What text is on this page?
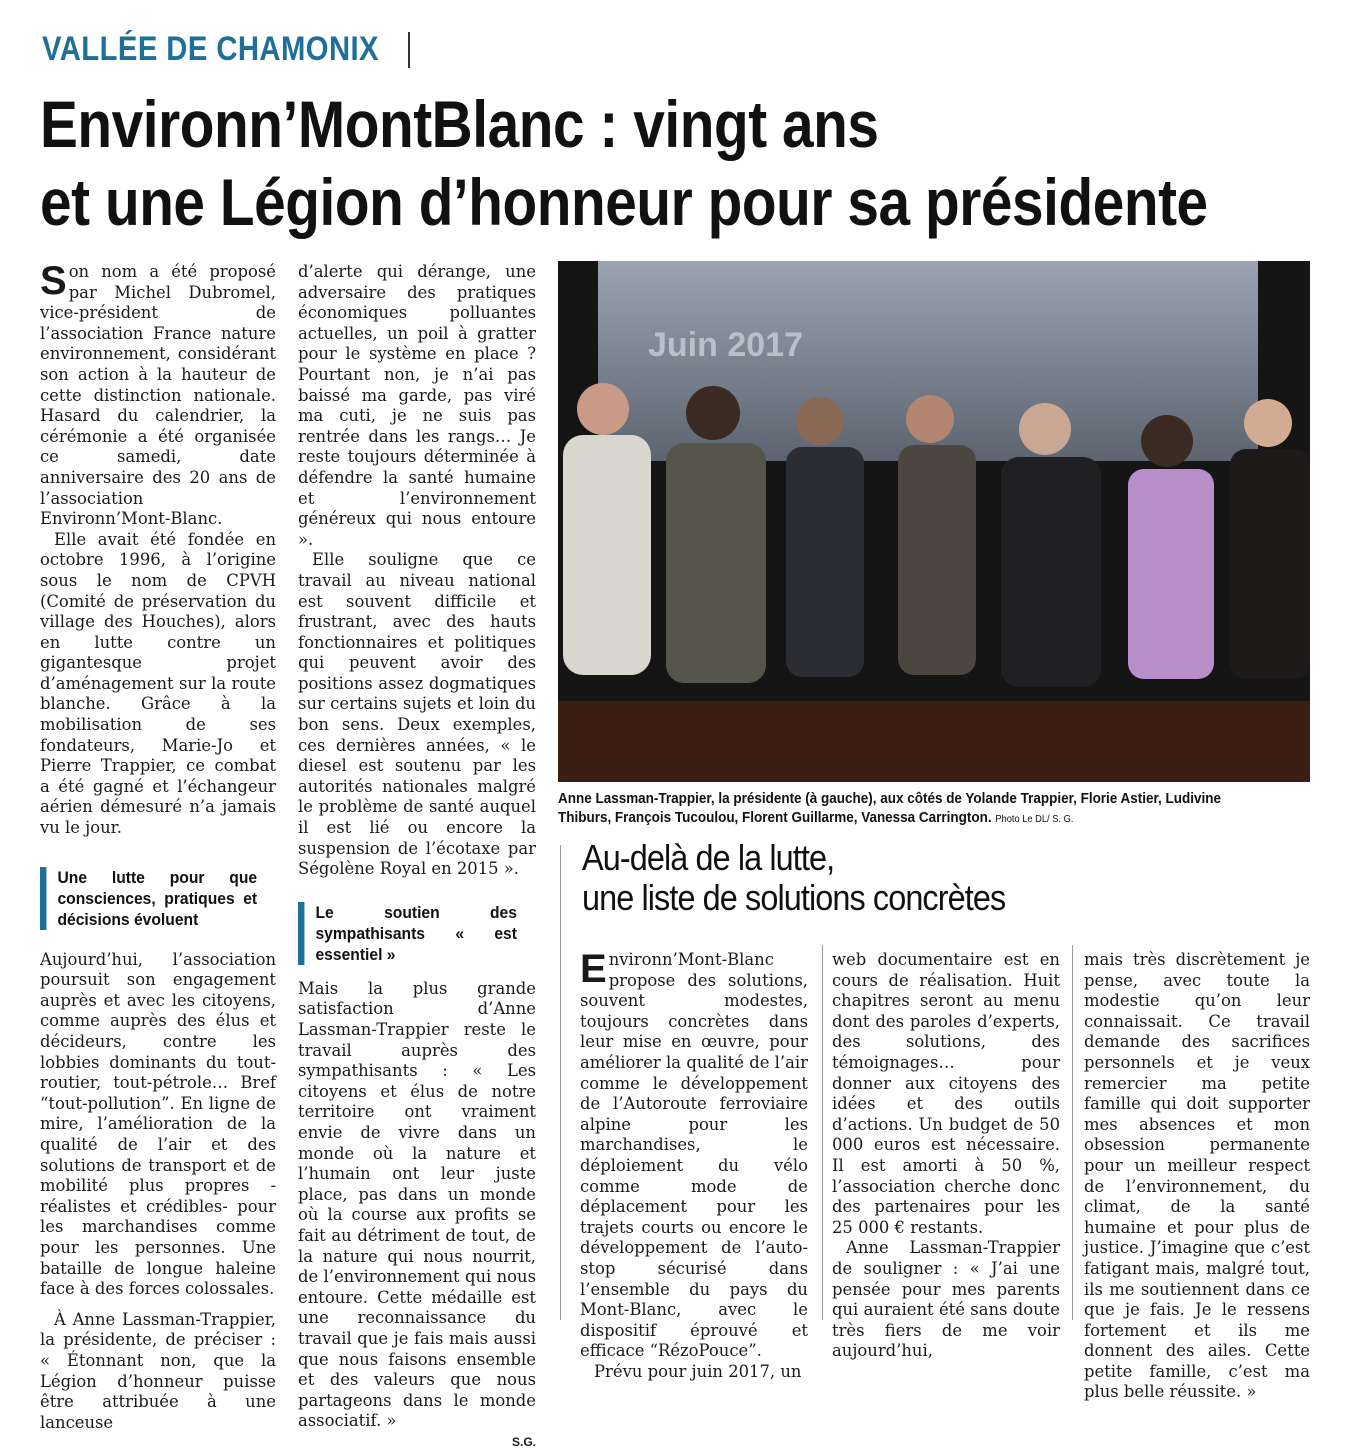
VALLÉE DE CHAMONIX
Environn’MontBlanc : vingt ans
et une Légion d’honneur pour sa présidente

Son nom a été proposé par Michel Dubromel, vice-président de l’association France nature environnement, considérant son action à la hauteur de cette distinction nationale. Hasard du calendrier, la cérémonie a été organisée ce samedi, date anniversaire des 20 ans de l’association Environn’Mont-Blanc.

Elle avait été fondée en octobre 1996, à l’origine sous le nom de CPVH (Comité de préservation du village des Houches), alors en lutte contre un gigantesque projet d’aménagement sur la route blanche. Grâce à la mobilisation de ses fondateurs, Marie-Jo et Pierre Trappier, ce combat a été gagné et l’échangeur aérien démesuré n’a jamais vu le jour.

Une lutte pour que consciences, pratiques et décisions évoluent

Aujourd’hui, l’association poursuit son engagement auprès et avec les citoyens, comme auprès des élus et décideurs, contre les lobbies dominants du tout-routier, tout-pétrole… Bref “tout-pollution”. En ligne de mire, l’amélioration de la qualité de l’air et des solutions de transport et de mobilité plus propres -réalistes et crédibles- pour les marchandises comme pour les personnes. Une bataille de longue haleine face à des forces colossales.

À Anne Lassman-Trappier, la présidente, de préciser : « Étonnant non, que la Légion d’honneur puisse être attribuée à une lanceuse

d’alerte qui dérange, une adversaire des pratiques économiques polluantes actuelles, un poil à gratter pour le système en place ? Pourtant non, je n’ai pas baissé ma garde, pas viré ma cuti, je ne suis pas rentrée dans les rangs… Je reste toujours déterminée à défendre la santé humaine et l’environnement généreux qui nous entoure ».

Elle souligne que ce travail au niveau national est souvent difficile et frustrant, avec des hauts fonctionnaires et politiques qui peuvent avoir des positions assez dogmatiques sur certains sujets et loin du bon sens. Deux exemples, ces dernières années, « le diesel est soutenu par les autorités nationales malgré le problème de santé auquel il est lié ou encore la suspension de l’écotaxe par Ségolène Royal en 2015 ».

Le soutien des sympathisants « est essentiel »

Mais la plus grande satisfaction d’Anne Lassman-Trappier reste le travail auprès des sympathisants : « Les citoyens et élus de notre territoire ont vraiment envie de vivre dans un monde où la nature et l’humain ont leur juste place, pas dans un monde où la course aux profits se fait au détriment de tout, de la nature qui nous nourrit, de l’environnement qui nous entoure. Cette médaille est une reconnaissance du travail que je fais mais aussi que nous faisons ensemble et des valeurs que nous partageons dans le monde associatif. »

S.G.
Juin 2017
Anne Lassman-Trappier, la présidente (à gauche), aux côtés de Yolande Trappier, Florie Astier, Ludivine Thiburs, François Tucoulou, Florent Guillarme, Vanessa Carrington. Photo Le DL/ S. G.
Au-delà de la lutte,
une liste de solutions concrètes

Environn’Mont-Blanc propose des solutions, souvent modestes, toujours concrètes dans leur mise en œuvre, pour améliorer la qualité de l’air comme le développement de l’Autoroute ferroviaire alpine pour les marchandises, le déploiement du vélo comme mode de déplacement pour les trajets courts ou encore le développement de l’auto-stop sécurisé dans l’ensemble du pays du Mont-Blanc, avec le dispositif éprouvé et efficace “RézoPouce”.

Prévu pour juin 2017, un

web documentaire est en cours de réalisation. Huit chapitres seront au menu dont des paroles d’experts, des solutions, des témoignages… pour donner aux citoyens des idées et des outils d’actions. Un budget de 50 000 euros est nécessaire. Il est amorti à 50 %, l’association cherche donc des partenaires pour les 25 000 € restants.

Anne Lassman-Trappier de souligner : « J’ai une pensée pour mes parents qui auraient été sans doute très fiers de me voir aujourd’hui,

mais très discrètement je pense, avec toute la modestie qu’on leur connaissait. Ce travail demande des sacrifices personnels et je veux remercier ma petite famille qui doit supporter mes absences et mon obsession permanente pour un meilleur respect de l’environnement, du climat, de la santé humaine et pour plus de justice. J’imagine que c’est fatigant mais, malgré tout, ils me soutiennent dans ce que je fais. Je le ressens fortement et ils me donnent des ailes. Cette petite famille, c’est ma plus belle réussite. »
